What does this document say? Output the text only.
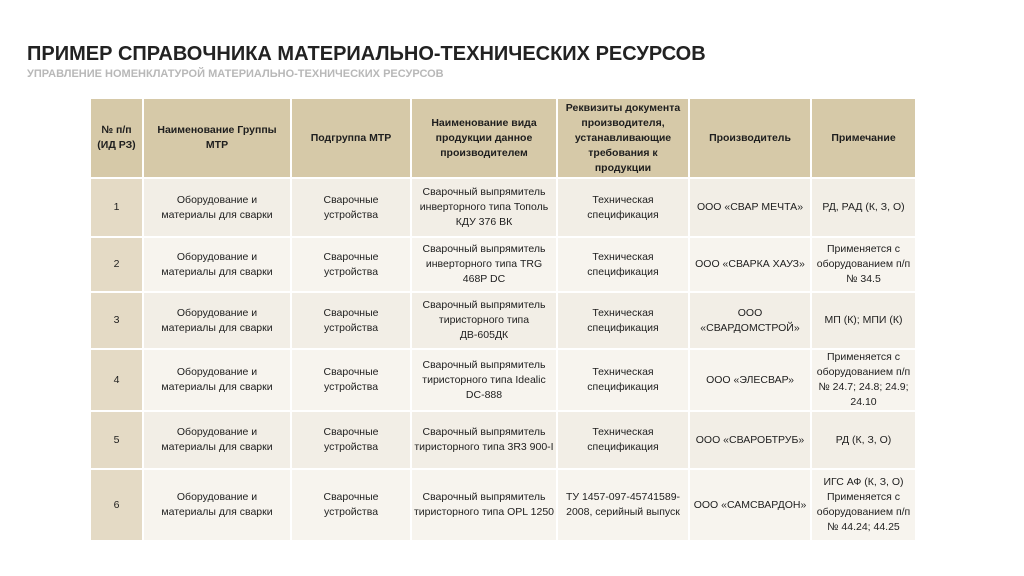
ПРИМЕР СПРАВОЧНИКА МАТЕРИАЛЬНО-ТЕХНИЧЕСКИХ РЕСУРСОВ
УПРАВЛЕНИЕ НОМЕНКЛАТУРОЙ МАТЕРИАЛЬНО-ТЕХНИЧЕСКИХ РЕСУРСОВ
№ п/п (ИД РЗ)	Наименование Группы МТР	Подгруппа МТР	Наименование вида продукции данное производителем	Реквизиты документа производителя, устанавливающие требования к продукции	Производитель	Примечание
1	Оборудование и материалы для сварки	Сварочные устройства	Сварочный выпрямитель инверторного типа Тополь КДУ 376 ВК	Техническая спецификация	ООО «СВАР МЕЧТА»	РД, РАД (К, З, О)
2	Оборудование и материалы для сварки	Сварочные устройства	Сварочный выпрямитель инверторного типа TRG 468P DC	Техническая спецификация	ООО «СВАРКА ХАУЗ»	Применяется с оборудованием п/п № 34.5
3	Оборудование и материалы для сварки	Сварочные устройства	Сварочный выпрямитель тиристорного типа ДВ-605ДК	Техническая спецификация	ООО «СВАРДОМСТРОЙ»	МП (К); МПИ (К)
4	Оборудование и материалы для сварки	Сварочные устройства	Сварочный выпрямитель тиристорного типа Idealic DC-888	Техническая спецификация	ООО «ЭЛЕСВАР»	Применяется с оборудованием п/п № 24.7; 24.8; 24.9; 24.10
5	Оборудование и материалы для сварки	Сварочные устройства	Сварочный выпрямитель тиристорного типа 3R3 900-I	Техническая спецификация	ООО «СВАРОБТРУБ»	РД (К, З, О)
6	Оборудование и материалы для сварки	Сварочные устройства	Сварочный выпрямитель тиристорного типа OPL 1250	ТУ 1457-097-45741589-2008, серийный выпуск	ООО «САМСВАРДОН»	ИГС АФ (К, З, О) Применяется с оборудованием п/п № 44.24; 44.25
